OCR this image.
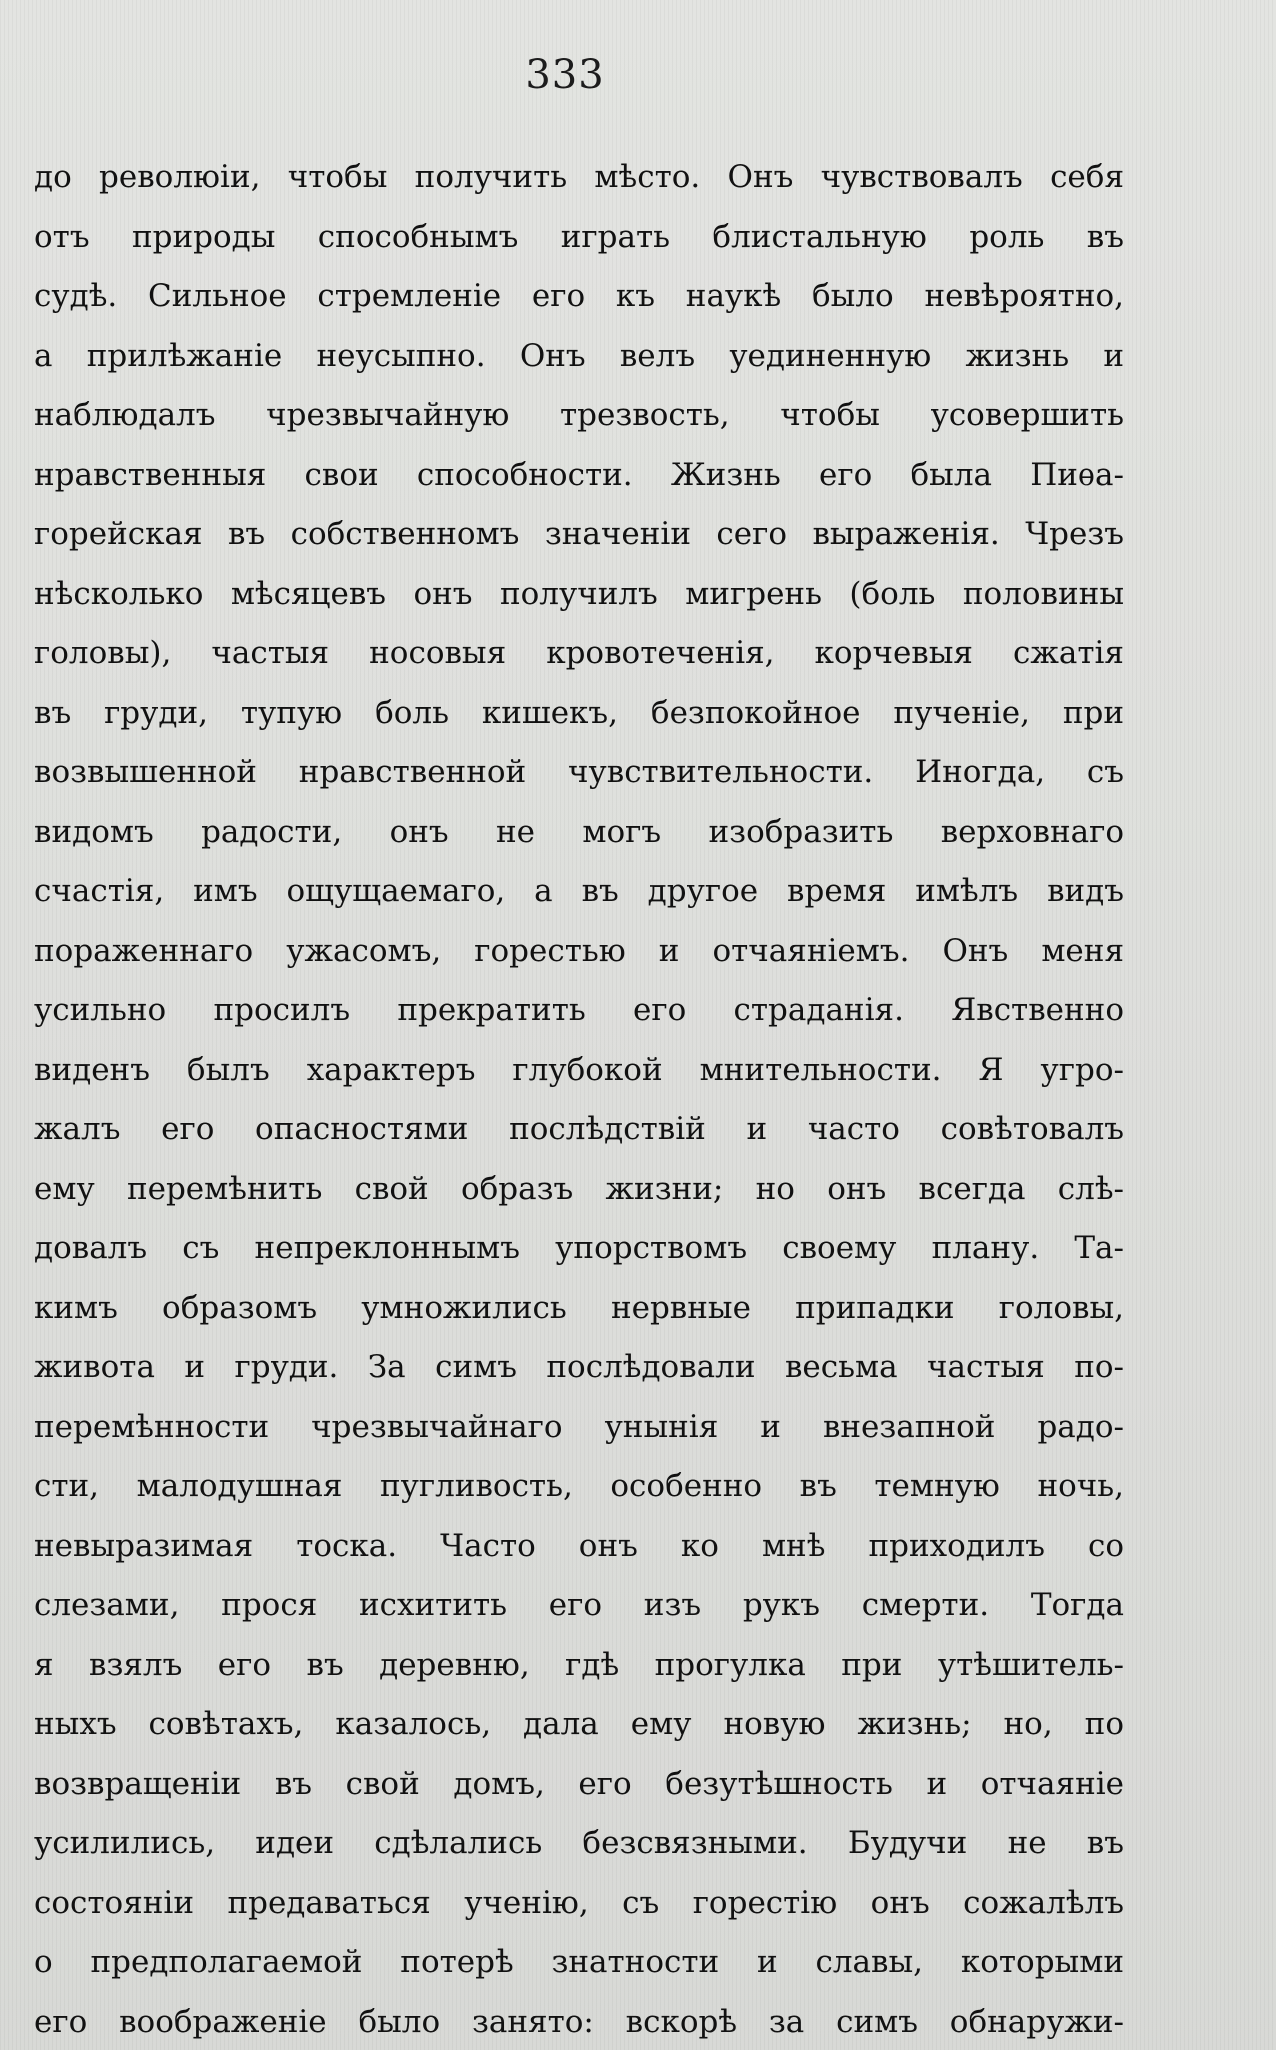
333
до революіи, чтобы получить мѣсто. Онъ чувствовалъ себя
отъ природы способнымъ играть блистальную роль въ
судѣ. Сильное стремленіе его къ наукѣ было невѣроятно,
а прилѣжаніе неусыпно. Онъ велъ уединенную жизнь и
наблюдалъ чрезвычайную трезвость, чтобы усовершить
нравственныя свои способности. Жизнь его была Пиѳа-
горейская въ собственномъ значеніи сего выраженія. Чрезъ
нѣсколько мѣсяцевъ онъ получилъ мигрень (боль половины
головы), частыя носовыя кровотеченія, корчевыя сжатія
въ груди, тупую боль кишекъ, безпокойное пученіе, при
возвышенной нравственной чувствительности. Иногда, съ
видомъ радости, онъ не могъ изобразить верховнаго
счастія, имъ ощущаемаго, а въ другое время имѣлъ видъ
пораженнаго ужасомъ, горестью и отчаяніемъ. Онъ меня
усильно просилъ прекратить его страданія. Явственно
виденъ былъ характеръ глубокой мнительности. Я угро-
жалъ его опасностями послѣдствій и часто совѣтовалъ
ему перемѣнить свой образъ жизни; но онъ всегда слѣ-
довалъ съ непреклоннымъ упорствомъ своему плану. Та-
кимъ образомъ умножились нервные припадки головы,
живота и груди. За симъ послѣдовали весьма частыя по-
перемѣнности чрезвычайнаго унынія и внезапной радо-
сти, малодушная пугливость, особенно въ темную ночь,
невыразимая тоска. Часто онъ ко мнѣ приходилъ со
слезами, прося исхитить его изъ рукъ смерти. Тогда
я взялъ его въ деревню, гдѣ прогулка при утѣшитель-
ныхъ совѣтахъ, казалось, дала ему новую жизнь; но, по
возвращеніи въ свой домъ, его безутѣшность и отчаяніе
усилились, идеи сдѣлались безсвязными. Будучи не въ
состояніи предаваться ученію, съ горестію онъ сожалѣлъ
о предполагаемой потерѣ знатности и славы, которыми
его воображеніе было занято: вскорѣ за симъ обнаружи-
